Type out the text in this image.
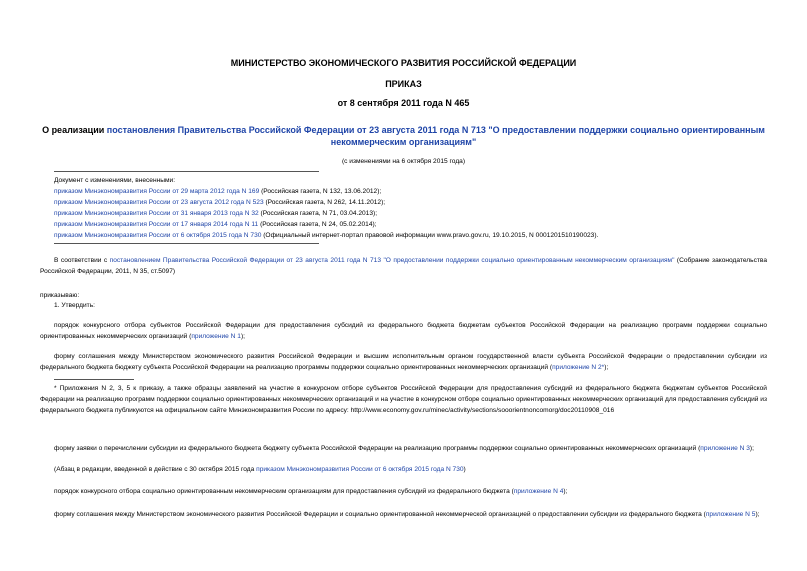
МИНИСТЕРСТВО ЭКОНОМИЧЕСКОГО РАЗВИТИЯ РОССИЙСКОЙ ФЕДЕРАЦИИ
ПРИКАЗ
от 8 сентября 2011 года N 465
О реализации постановления Правительства Российской Федерации от 23 августа 2011 года N 713 "О предоставлении поддержки социально ориентированным некоммерческим организациям"
(с изменениями на 6 октября 2015 года)
Документ с изменениями, внесенными:
приказом Минэкономразвития России от 29 марта 2012 года N 169 (Российская газета, N 132, 13.06.2012);
приказом Минэкономразвития России от 23 августа 2012 года N 523 (Российская газета, N 262, 14.11.2012);
приказом Минэкономразвития России от 31 января 2013 года N 32 (Российская газета, N 71, 03.04.2013);
приказом Минэкономразвития России от 17 января 2014 года N 11 (Российская газета, N 24, 05.02.2014);
приказом Минэкономразвития России от 6 октября 2015 года N 730 (Официальный интернет-портал правовой информации www.pravo.gov.ru, 19.10.2015, N 0001201510190023).
В соответствии с постановлением Правительства Российской Федерации от 23 августа 2011 года N 713 "О предоставлении поддержки социально ориентированным некоммерческим организациям" (Собрание законодательства Российской Федерации, 2011, N 35, ст.5097)
приказываю:
1. Утвердить:
порядок конкурсного отбора субъектов Российской Федерации для предоставления субсидий из федерального бюджета бюджетам субъектов Российской Федерации на реализацию программ поддержки социально ориентированных некоммерческих организаций (приложение N 1);
форму соглашения между Министерством экономического развития Российской Федерации и высшим исполнительным органом государственной власти субъекта Российской Федерации о предоставлении субсидии из федерального бюджета бюджету субъекта Российской Федерации на реализацию программы поддержки социально ориентированных некоммерческих организаций (приложение N 2*);
* Приложения N 2, 3, 5 к приказу, а также образцы заявлений на участие в конкурсном отборе субъектов Российской Федерации для предоставления субсидий из федерального бюджета бюджетам субъектов Российской Федерации на реализацию программ поддержки социально ориентированных некоммерческих организаций и на участие в конкурсном отборе социально ориентированных некоммерческих организаций для предоставления субсидий из федерального бюджета публикуются на официальном сайте Минэкономразвития России по адресу: http://www.economy.gov.ru/minec/activity/sections/sooorientnoncomorg/doc20110908_016
форму заявки о перечислении субсидии из федерального бюджета бюджету субъекта Российской Федерации на реализацию программы поддержки социально ориентированных некоммерческих организаций (приложение N 3);
(Абзац в редакции, введенной в действие с 30 октября 2015 года приказом Минэкономразвития России от 6 октября 2015 года N 730)
порядок конкурсного отбора социально ориентированным некоммерческим организациям для предоставления субсидий из федерального бюджета (приложение N 4);
форму соглашения между Министерством экономического развития Российской Федерации и социально ориентированной некоммерческой организацией о предоставлении субсидии из федерального бюджета (приложение N 5);
